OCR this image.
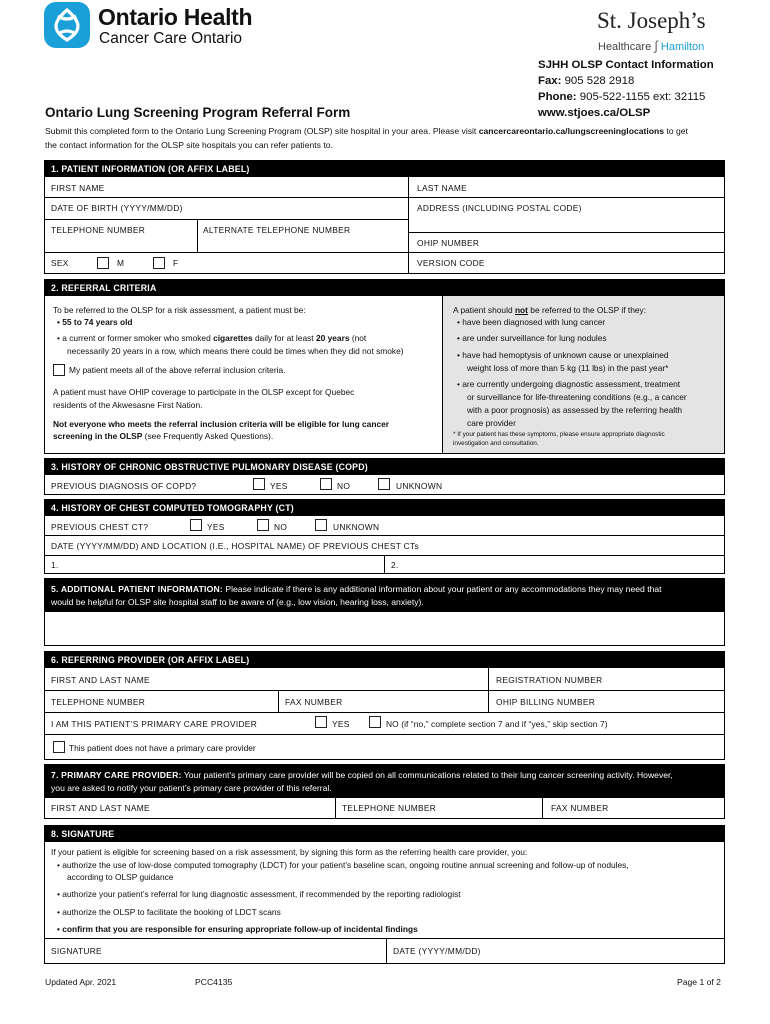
Ontario Health
Cancer Care Ontario
St. Joseph’s
Healthcare ∫ Hamilton
SJHH OLSP Contact Information
Fax: 905 528 2918
Phone: 905-522-1155 ext: 32115
www.stjoes.ca/OLSP
Ontario Lung Screening Program Referral Form
Submit this completed form to the Ontario Lung Screening Program (OLSP) site hospital in your area. Please visit cancercareontario.ca/lungscreeninglocations to get
the contact information for the OLSP site hospitals you can refer patients to.
1. PATIENT INFORMATION (OR AFFIX LABEL)
FIRST NAME	LAST NAME
DATE OF BIRTH (YYYY/MM/DD)	ADDRESS (INCLUDING POSTAL CODE)
TELEPHONE NUMBER	ALTERNATE TELEPHONE NUMBER
OHIP NUMBER
SEX	M	F	VERSION CODE
2. REFERRAL CRITERIA
To be referred to the OLSP for a risk assessment, a patient must be:
• 55 to 74 years old
• a current or former smoker who smoked cigarettes daily for at least 20 years (not
necessarily 20 years in a row, which means there could be times when they did not smoke)
My patient meets all of the above referral inclusion criteria.
A patient must have OHIP coverage to participate in the OLSP except for Quebec
residents of the Akwesasne First Nation.
Not everyone who meets the referral inclusion criteria will be eligible for lung cancer
screening in the OLSP (see Frequently Asked Questions).
A patient should not be referred to the OLSP if they:
• have been diagnosed with lung cancer
• are under surveillance for lung nodules
• have had hemoptysis of unknown cause or unexplained
weight loss of more than 5 kg (11 lbs) in the past year*
• are currently undergoing diagnostic assessment, treatment
or surveillance for life-threatening conditions (e.g., a cancer
with a poor prognosis) as assessed by the referring health
care provider
* If your patient has these symptoms, please ensure appropriate diagnostic
investigation and consultation.
3. HISTORY OF CHRONIC OBSTRUCTIVE PULMONARY DISEASE (COPD)
PREVIOUS DIAGNOSIS OF COPD?	YES	NO	UNKNOWN
4. HISTORY OF CHEST COMPUTED TOMOGRAPHY (CT)
PREVIOUS CHEST CT?	YES	NO	UNKNOWN
DATE (YYYY/MM/DD) AND LOCATION (I.E., HOSPITAL NAME) OF PREVIOUS CHEST CTs
1.	2.
5. ADDITIONAL PATIENT INFORMATION: Please indicate if there is any additional information about your patient or any accommodations they may need that
would be helpful for OLSP site hospital staff to be aware of (e.g., low vision, hearing loss, anxiety).
6. REFERRING PROVIDER (OR AFFIX LABEL)
FIRST AND LAST NAME	REGISTRATION NUMBER
TELEPHONE NUMBER	FAX NUMBER	OHIP BILLING NUMBER
I AM THIS PATIENT’S PRIMARY CARE PROVIDER	YES	NO (if “no,” complete section 7 and if “yes,” skip section 7)
This patient does not have a primary care provider
7. PRIMARY CARE PROVIDER: Your patient’s primary care provider will be copied on all communications related to their lung cancer screening activity. However,
you are asked to notify your patient’s primary care provider of this referral.
FIRST AND LAST NAME	TELEPHONE NUMBER	FAX NUMBER
8. SIGNATURE
If your patient is eligible for screening based on a risk assessment, by signing this form as the referring health care provider, you:
• authorize the use of low-dose computed tomography (LDCT) for your patient’s baseline scan, ongoing routine annual screening and follow-up of nodules,
according to OLSP guidance
• authorize your patient’s referral for lung diagnostic assessment, if recommended by the reporting radiologist
• authorize the OLSP to facilitate the booking of LDCT scans
• confirm that you are responsible for ensuring appropriate follow-up of incidental findings
SIGNATURE	DATE (YYYY/MM/DD)
Updated Apr. 2021	PCC4135	Page 1 of 2
